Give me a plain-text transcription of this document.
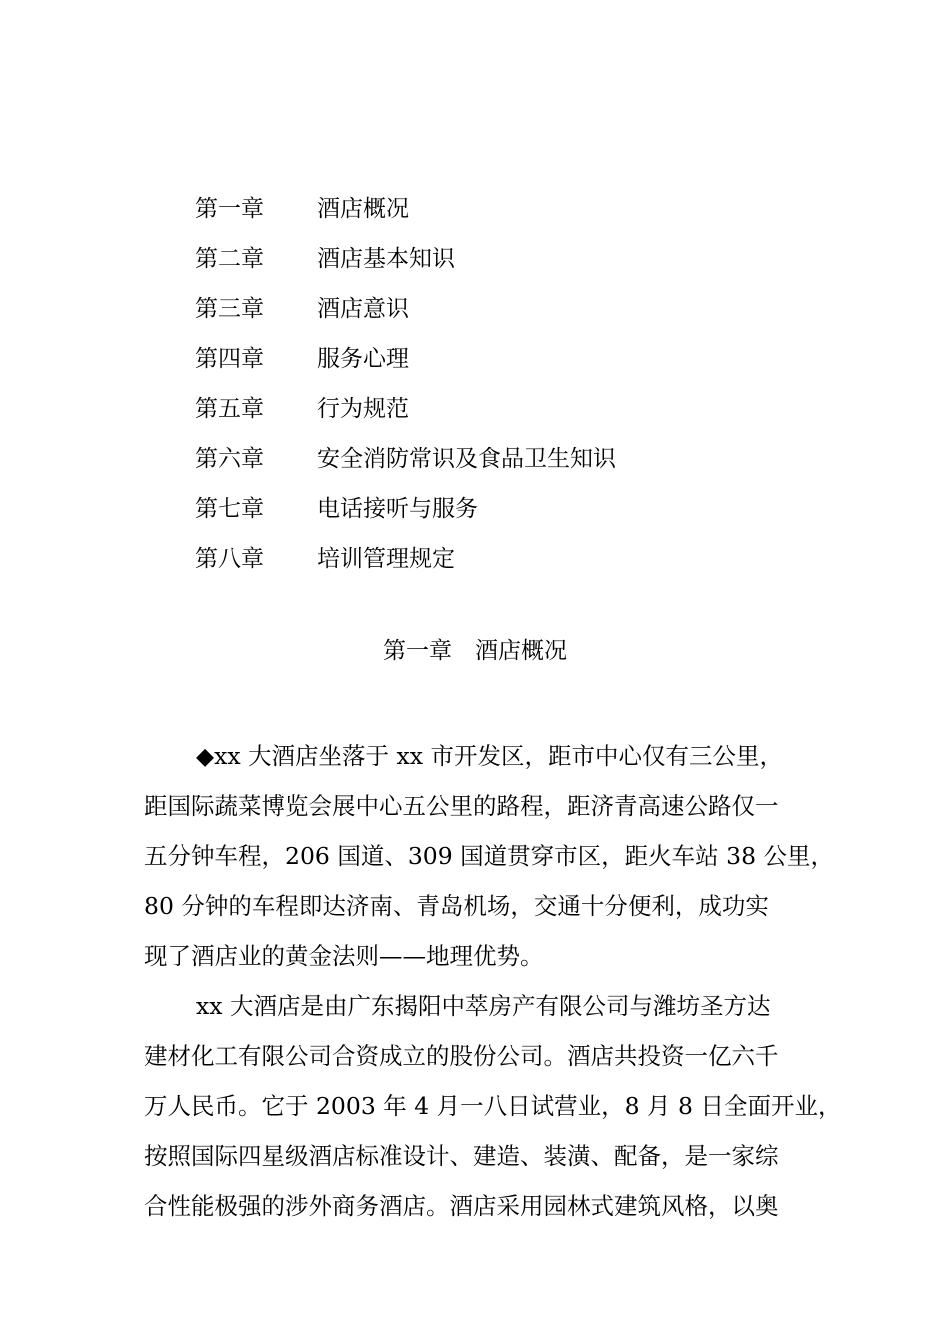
第一章	酒店概况
第二章	酒店基本知识
第三章	酒店意识
第四章	服务心理
第五章	行为规范
第六章	安全消防常识及食品卫生知识
第七章	电话接听与服务
第八章	培训管理规定
第一章　酒店概况
◆xx 大酒店坐落于 xx 市开发区，距市中心仅有三公里，
距国际蔬菜博览会展中心五公里的路程，距济青高速公路仅一
五分钟车程，206 国道、309 国道贯穿市区，距火车站 38 公里，
80 分钟的车程即达济南、青岛机场，交通十分便利，成功实
现了酒店业的黄金法则——地理优势。
xx 大酒店是由广东揭阳中萃房产有限公司与潍坊圣方达
建材化工有限公司合资成立的股份公司。酒店共投资一亿六千
万人民币。它于 2003 年 4 月一八日试营业，8 月 8 日全面开业，
按照国际四星级酒店标准设计、建造、装潢、配备，是一家综
合性能极强的涉外商务酒店。酒店采用园林式建筑风格，以奥
